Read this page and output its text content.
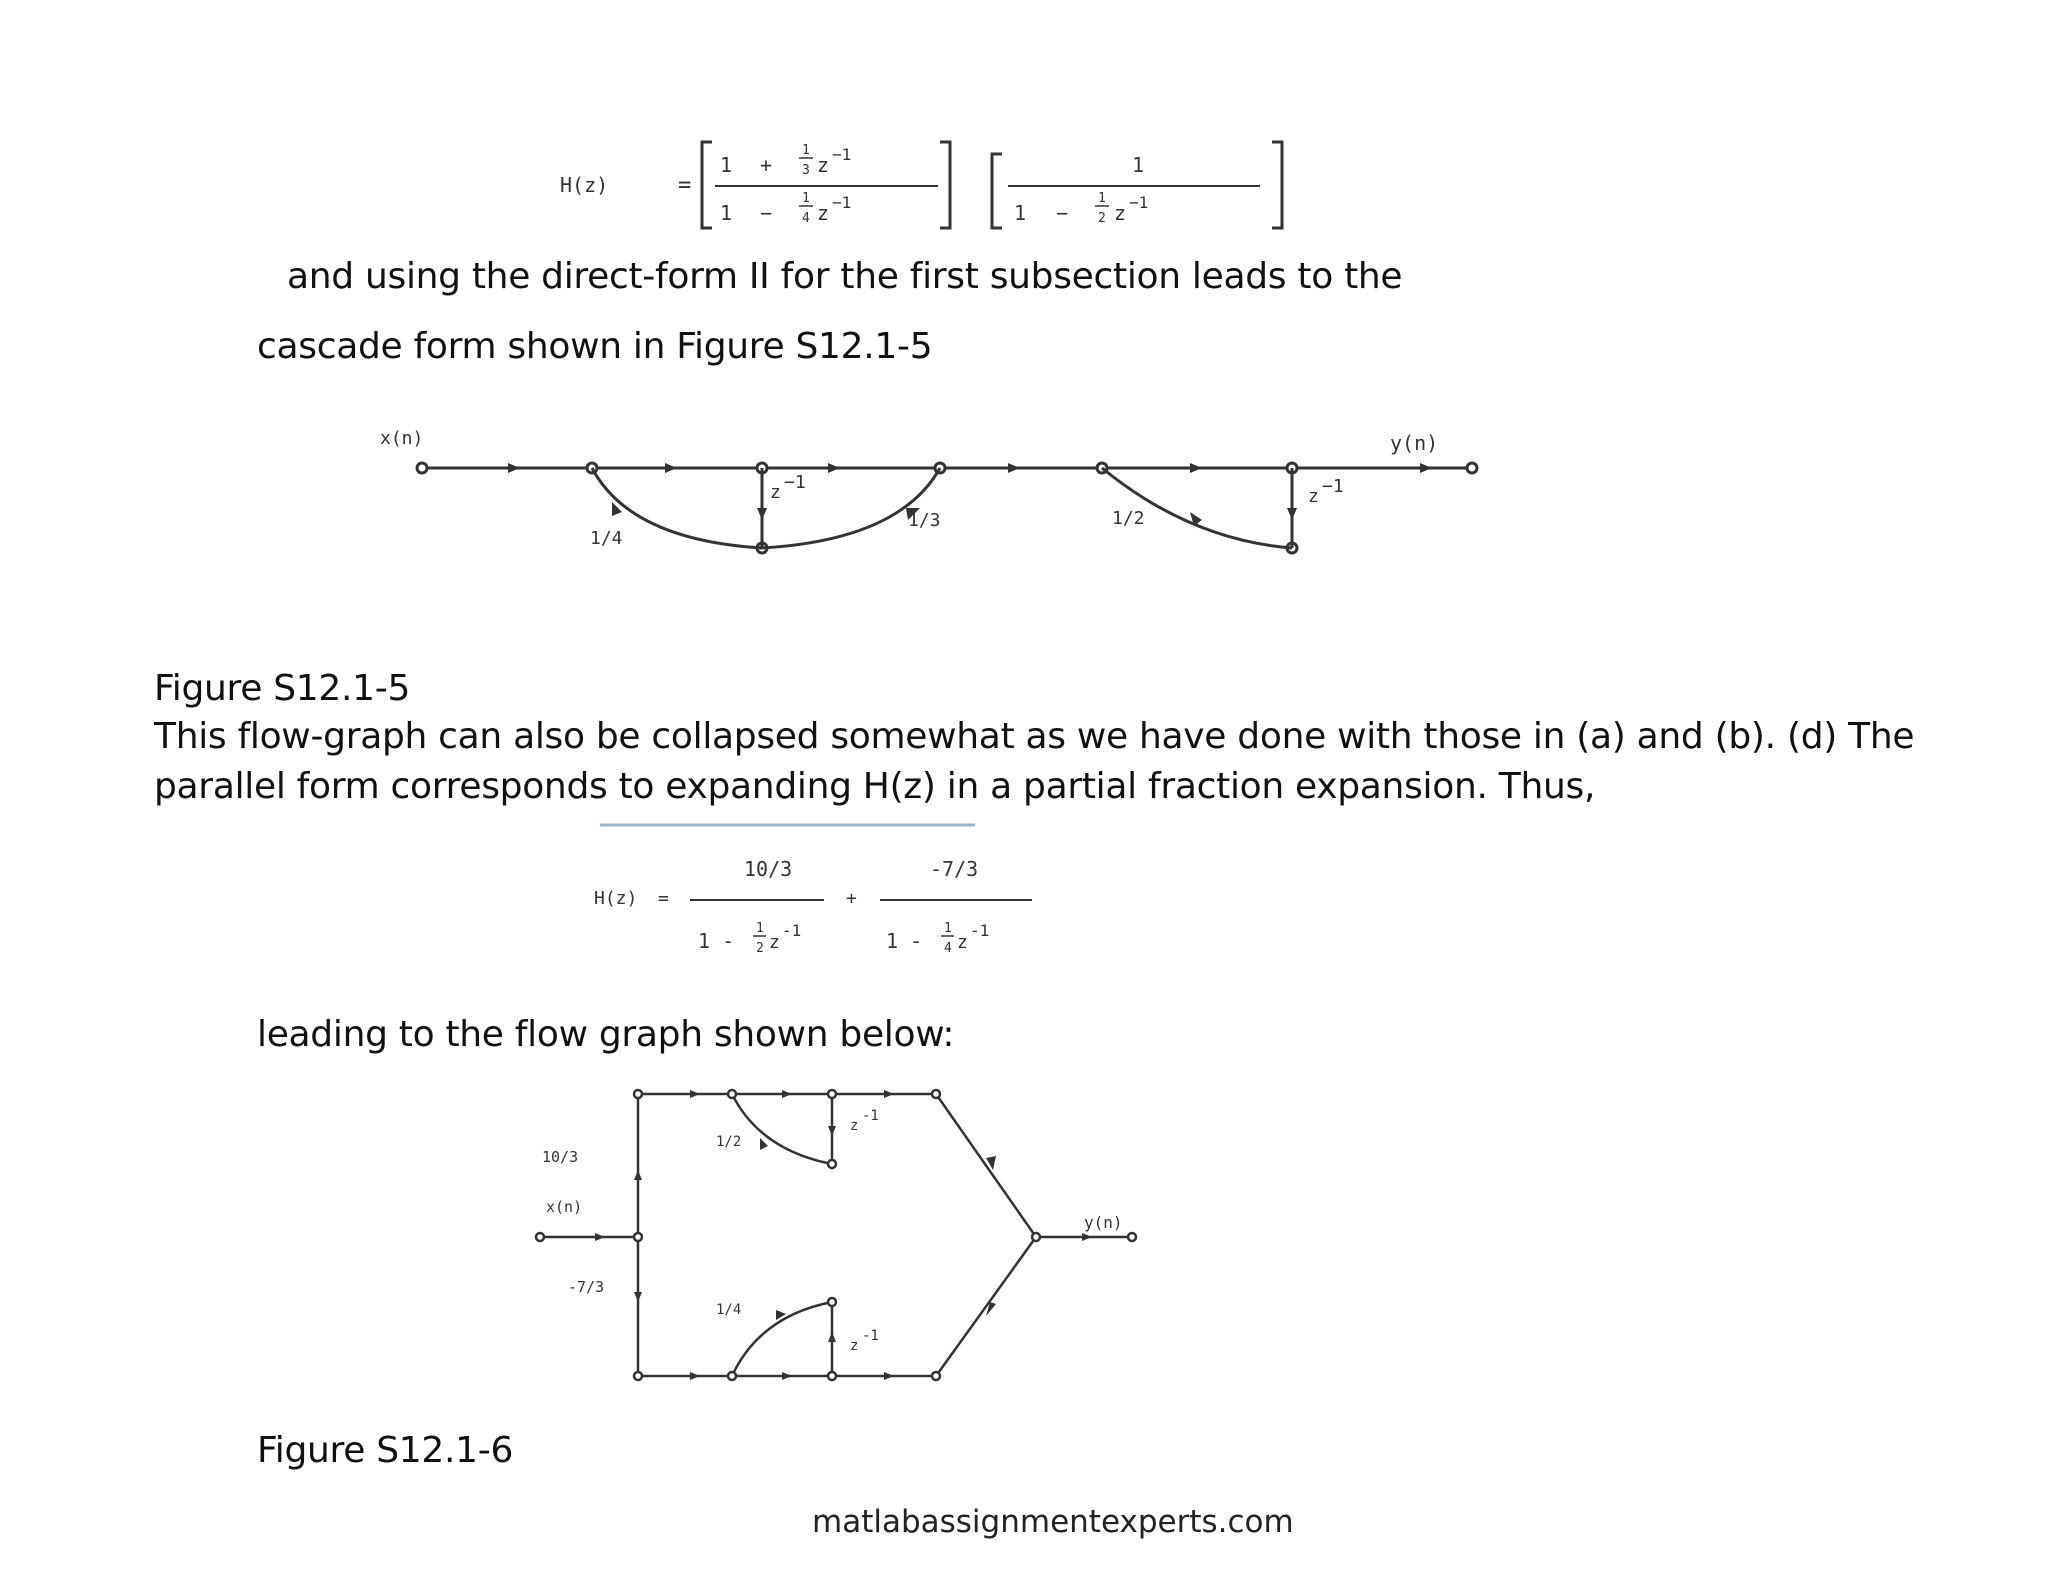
H(z)	=
1 +
1
3 z −1
1 −
1
4 z −1
1
1 −
1
2 z −1

and using the direct-form II for the first subsection leads to the

cascade form shown in Figure S12.1-5

x(n)	y(n)
z −1
1/4
1/3
z −1
1/2

Figure S12.1-5

This flow-graph can also be collapsed somewhat as we have done with those in (a) and (b). (d) The
parallel form corresponds to expanding H(z) in a partial fraction expansion. Thus,
H(z) =
10/3
1 -
1
2 z
-1
+
-7/3
1 -
1
4 z
-1

leading to the flow graph shown below:

10/3
x(n)
-7/3
y(n)
1/2
z
-1
1/4
z
-1

Figure S12.1-6

matlabassignmentexperts.com
